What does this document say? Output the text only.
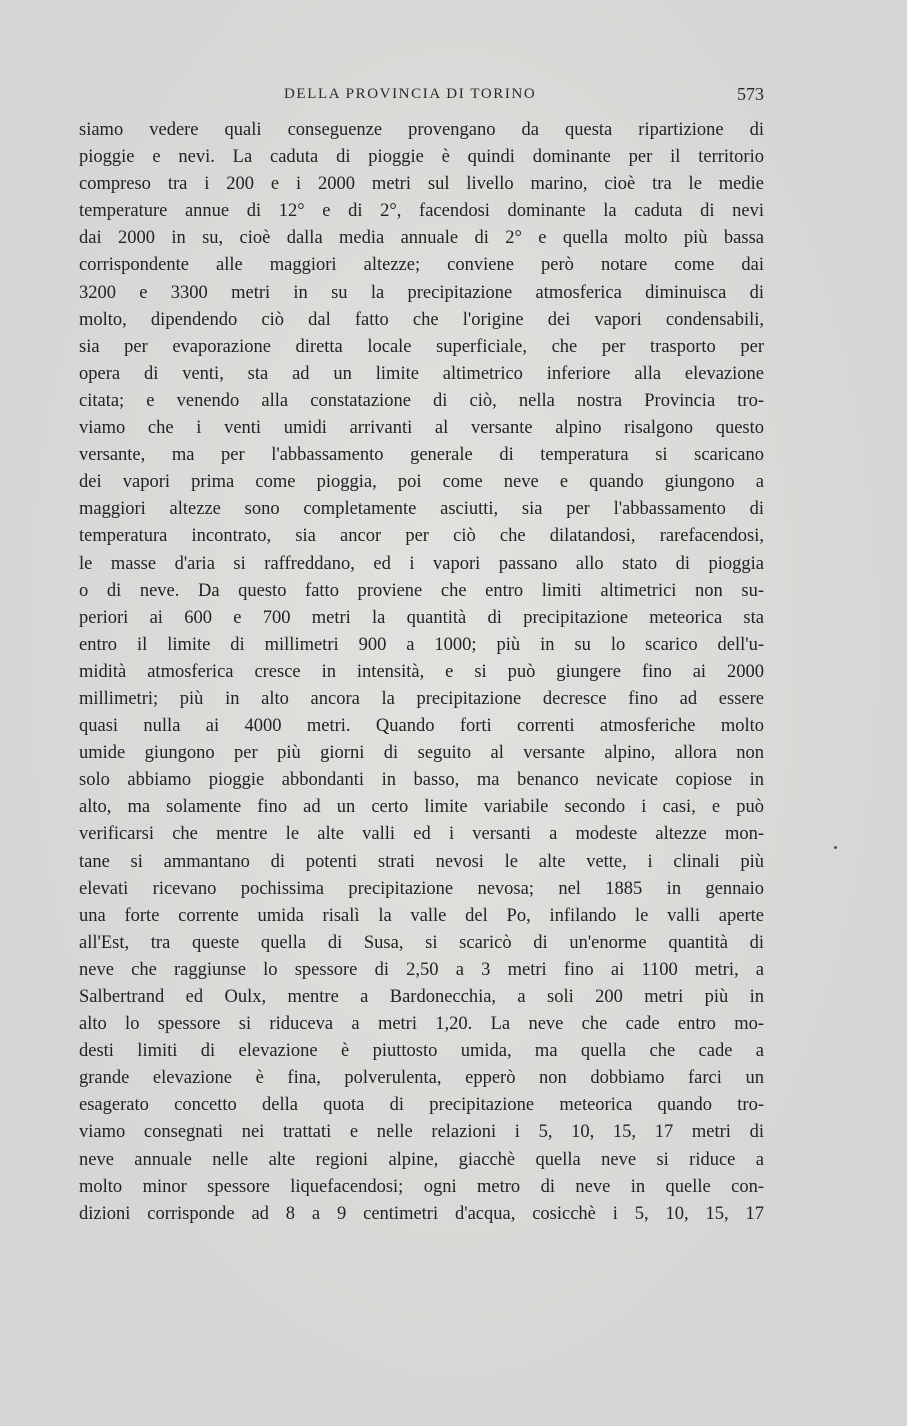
DELLA PROVINCIA DI TORINO	573
siamo vedere quali conseguenze provengano da questa ripartizione di
pioggie e nevi. La caduta di pioggie è quindi dominante per il territorio
compreso tra i 200 e i 2000 metri sul livello marino, cioè tra le medie
temperature annue di 12° e di 2°, facendosi dominante la caduta di nevi
dai 2000 in su, cioè dalla media annuale di 2° e quella molto più bassa
corrispondente alle maggiori altezze; conviene però notare come dai
3200 e 3300 metri in su la precipitazione atmosferica diminuisca di
molto, dipendendo ciò dal fatto che l'origine dei vapori condensabili,
sia per evaporazione diretta locale superficiale, che per trasporto per
opera di venti, sta ad un limite altimetrico inferiore alla elevazione
citata; e venendo alla constatazione di ciò, nella nostra Provincia tro-
viamo che i venti umidi arrivanti al versante alpino risalgono questo
versante, ma per l'abbassamento generale di temperatura si scaricano
dei vapori prima come pioggia, poi come neve e quando giungono a
maggiori altezze sono completamente asciutti, sia per l'abbassamento di
temperatura incontrato, sia ancor per ciò che dilatandosi, rarefacendosi,
le masse d'aria si raffreddano, ed i vapori passano allo stato di pioggia
o di neve. Da questo fatto proviene che entro limiti altimetrici non su-
periori ai 600 e 700 metri la quantità di precipitazione meteorica sta
entro il limite di millimetri 900 a 1000; più in su lo scarico dell'u-
midità atmosferica cresce in intensità, e si può giungere fino ai 2000
millimetri; più in alto ancora la precipitazione decresce fino ad essere
quasi nulla ai 4000 metri. Quando forti correnti atmosferiche molto
umide giungono per più giorni di seguito al versante alpino, allora non
solo abbiamo pioggie abbondanti in basso, ma benanco nevicate copiose in
alto, ma solamente fino ad un certo limite variabile secondo i casi, e può
verificarsi che mentre le alte valli ed i versanti a modeste altezze mon-
tane si ammantano di potenti strati nevosi le alte vette, i clinali più
elevati ricevano pochissima precipitazione nevosa; nel 1885 in gennaio
una forte corrente umida risalì la valle del Po, infilando le valli aperte
all'Est, tra queste quella di Susa, si scaricò di un'enorme quantità di
neve che raggiunse lo spessore di 2,50 a 3 metri fino ai 1100 metri, a
Salbertrand ed Oulx, mentre a Bardonecchia, a soli 200 metri più in
alto lo spessore si riduceva a metri 1,20. La neve che cade entro mo-
desti limiti di elevazione è piuttosto umida, ma quella che cade a
grande elevazione è fina, polverulenta, epperò non dobbiamo farci un
esagerato concetto della quota di precipitazione meteorica quando tro-
viamo consegnati nei trattati e nelle relazioni i 5, 10, 15, 17 metri di
neve annuale nelle alte regioni alpine, giacchè quella neve si riduce a
molto minor spessore liquefacendosi; ogni metro di neve in quelle con-
dizioni corrisponde ad 8 a 9 centimetri d'acqua, cosicchè i 5, 10, 15, 17
